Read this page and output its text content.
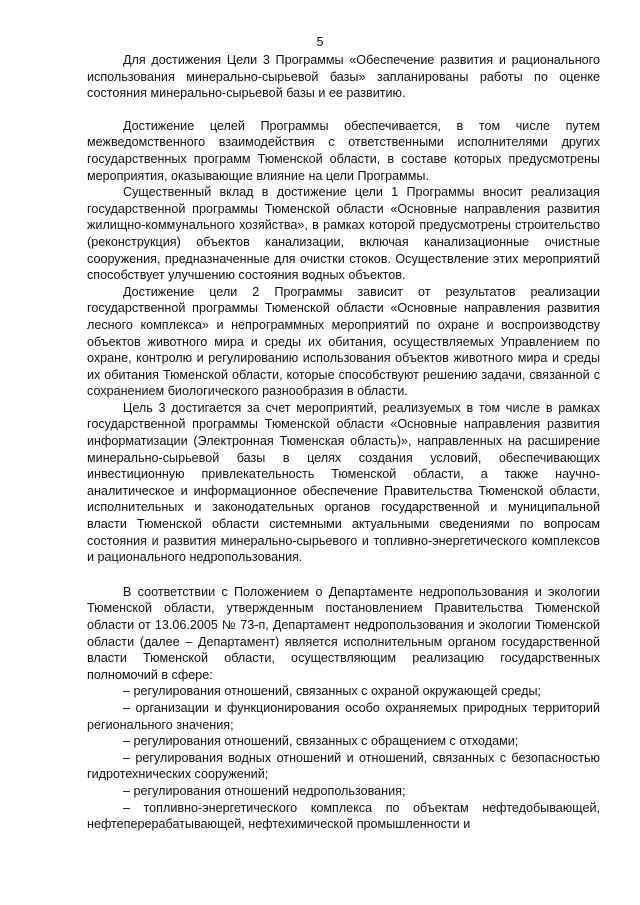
5

Для достижения Цели 3 Программы «Обеспечение развития и рационального использования минерально-сырьевой базы» запланированы работы по оценке состояния минерально-сырьевой базы и ее развитию.

Достижение целей Программы обеспечивается, в том числе путем межведомственного взаимодействия с ответственными исполнителями других государственных программ Тюменской области, в составе которых предусмотрены мероприятия, оказывающие влияние на цели Программы.

Существенный вклад в достижение цели 1 Программы вносит реализация государственной программы Тюменской области «Основные направления развития жилищно-коммунального хозяйства», в рамках которой предусмотрены строительство (реконструкция) объектов канализации, включая канализационные очистные сооружения, предназначенные для очистки стоков. Осуществление этих мероприятий способствует улучшению состояния водных объектов.

Достижение цели 2 Программы зависит от результатов реализации государственной программы Тюменской области «Основные направления развития лесного комплекса» и непрограммных мероприятий по охране и воспроизводству объектов животного мира и среды их обитания, осуществляемых Управлением по охране, контролю и регулированию использования объектов животного мира и среды их обитания Тюменской области, которые способствуют решению задачи, связанной с сохранением биологического разнообразия в области.

Цель 3 достигается за счет мероприятий, реализуемых в том числе в рамках государственной программы Тюменской области «Основные направления развития информатизации (Электронная Тюменская область)», направленных на расширение минерально-сырьевой базы в целях создания условий, обеспечивающих инвестиционную привлекательность Тюменской области, а также научно-аналитическое и информационное обеспечение Правительства Тюменской области, исполнительных и законодательных органов государственной и муниципальной власти Тюменской области системными актуальными сведениями по вопросам состояния и развития минерально-сырьевого и топливно-энергетического комплексов и рационального недропользования.

В соответствии с Положением о Департаменте недропользования и экологии Тюменской области, утвержденным постановлением Правительства Тюменской области от 13.06.2005 № 73-п, Департамент недропользования и экологии Тюменской области (далее – Департамент) является исполнительным органом государственной власти Тюменской области, осуществляющим реализацию государственных полномочий в сфере:

– регулирования отношений, связанных с охраной окружающей среды;
– организации и функционирования особо охраняемых природных территорий регионального значения;
– регулирования отношений, связанных с обращением с отходами;
– регулирования водных отношений и отношений, связанных с безопасностью гидротехнических сооружений;
– регулирования отношений недропользования;
– топливно-энергетического комплекса по объектам нефтедобывающей, нефтеперерабатывающей, нефтехимической промышленности и
